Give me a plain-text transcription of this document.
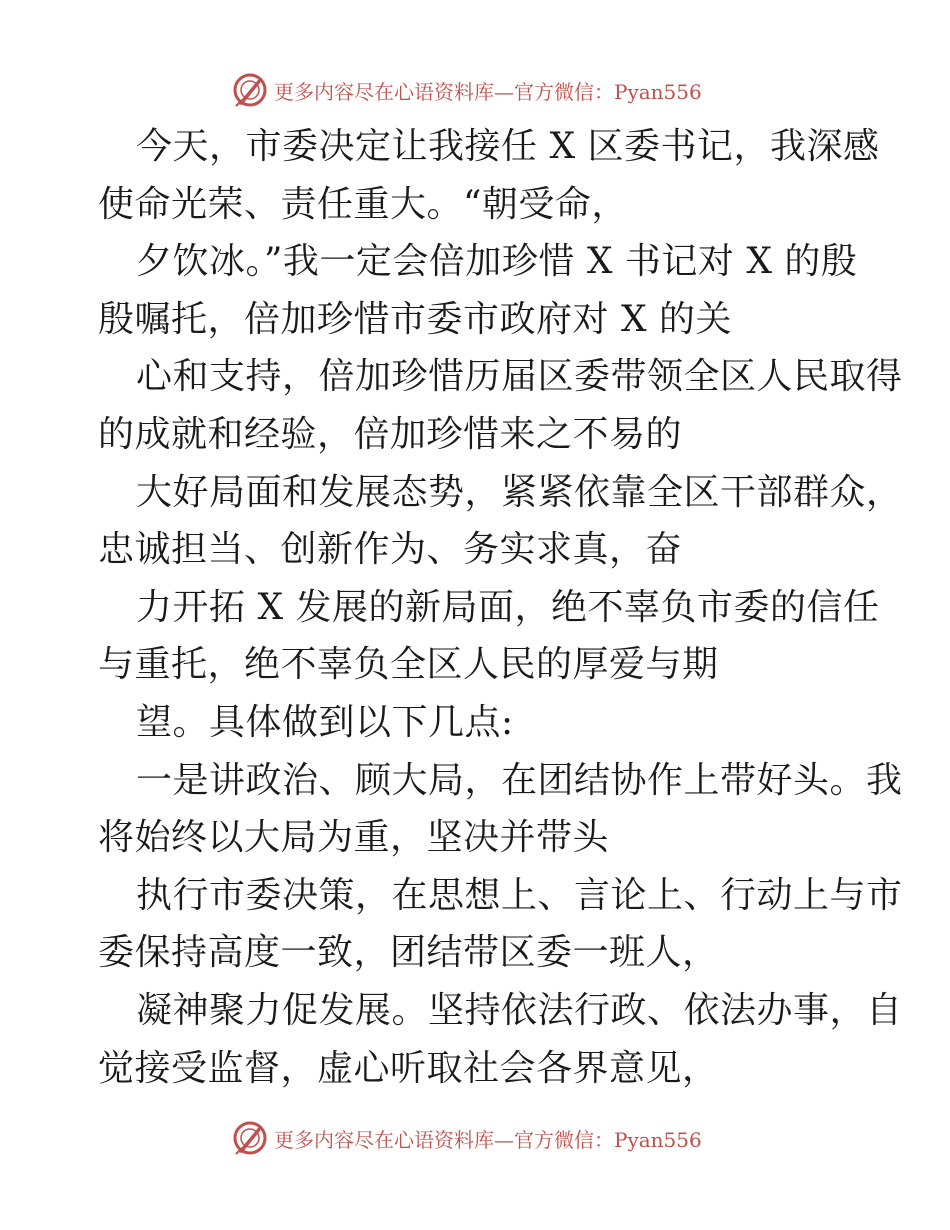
更多内容尽在心语资料库—官方微信：Pyan556
今天，市委决定让我接任 X 区委书记，我深感
使命光荣、责任重大。“朝受命，
夕饮冰。”我一定会倍加珍惜 X 书记对 X 的殷
殷嘱托，倍加珍惜市委市政府对 X 的关
心和支持，倍加珍惜历届区委带领全区人民取得
的成就和经验，倍加珍惜来之不易的
大好局面和发展态势，紧紧依靠全区干部群众，
忠诚担当、创新作为、务实求真，奋
力开拓 X 发展的新局面，绝不辜负市委的信任
与重托，绝不辜负全区人民的厚爱与期
望。具体做到以下几点:
一是讲政治、顾大局，在团结协作上带好头。我
将始终以大局为重，坚决并带头
执行市委决策，在思想上、言论上、行动上与市
委保持高度一致，团结带区委一班人，
凝神聚力促发展。坚持依法行政、依法办事，自
觉接受监督，虚心听取社会各界意见，
更多内容尽在心语资料库—官方微信：Pyan556
